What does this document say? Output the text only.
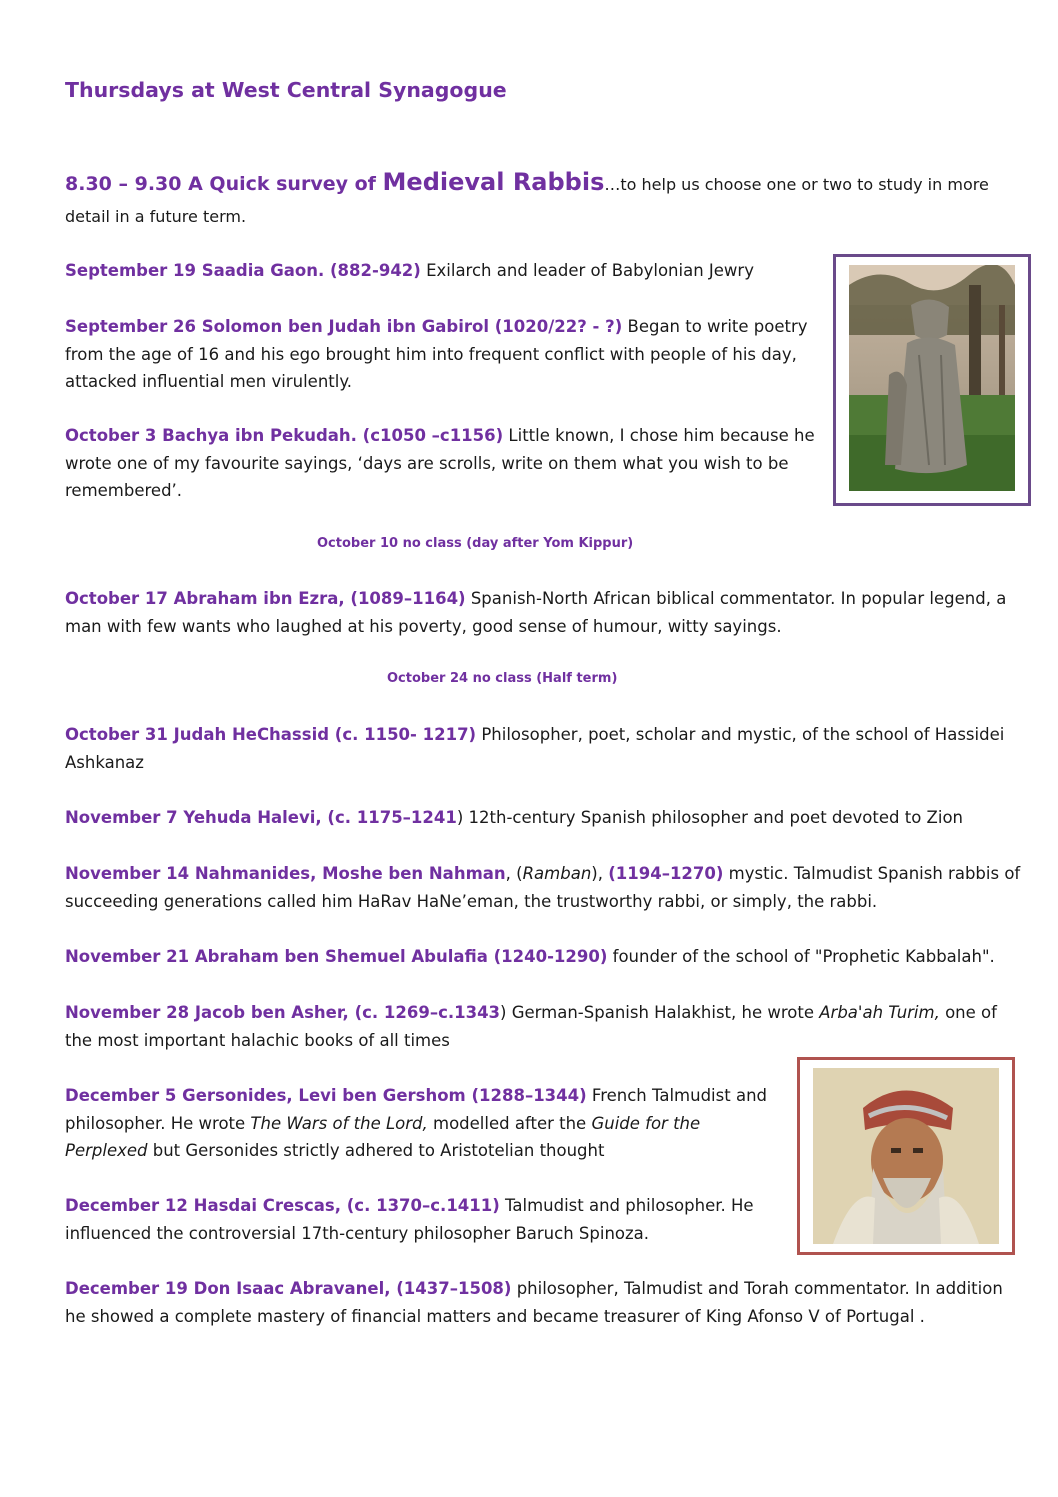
Thursdays at West Central Synagogue
8.30 – 9.30 A Quick survey of Medieval Rabbis…to help us choose one or two to study in more detail in a future term.
September 19 Saadia Gaon. (882-942) Exilarch and leader of Babylonian Jewry
September 26 Solomon ben Judah ibn Gabirol (1020/22? - ?) Began to write poetry from the age of 16 and his ego brought him into frequent conflict with people of his day, attacked influential men virulently.
October 3 Bachya ibn Pekudah. (c1050 –c1156) Little known, I chose him because he wrote one of my favourite sayings, ‘days are scrolls, write on them what you wish to be remembered’.
October 10 no class (day after Yom Kippur)
October 17 Abraham ibn Ezra, (1089–1164) Spanish-North African biblical commentator. In popular legend, a man with few wants who laughed at his poverty, good sense of humour, witty sayings.
October 24 no class (Half term)
October 31 Judah HeChassid (c. 1150- 1217) Philosopher, poet, scholar and mystic, of the school of Hassidei Ashkanaz
November 7 Yehuda Halevi, (c. 1175–1241) 12th-century Spanish philosopher and poet devoted to Zion
November 14 Nahmanides, Moshe ben Nahman, (Ramban), (1194–1270) mystic. Talmudist Spanish rabbis of succeeding generations called him HaRav HaNe’eman, the trustworthy rabbi, or simply, the rabbi.
November 21 Abraham ben Shemuel Abulafia (1240-1290) founder of the school of "Prophetic Kabbalah".
November 28 Jacob ben Asher, (c. 1269–c.1343) German-Spanish Halakhist, he wrote Arba'ah Turim, one of the most important halachic books of all times
December 5 Gersonides, Levi ben Gershom (1288–1344) French Talmudist and philosopher. He wrote The Wars of the Lord, modelled after the Guide for the Perplexed but Gersonides strictly adhered to Aristotelian thought
December 12 Hasdai Crescas, (c. 1370–c.1411) Talmudist and philosopher. He influenced the controversial 17th-century philosopher Baruch Spinoza.
December 19 Don Isaac Abravanel, (1437–1508) philosopher, Talmudist and Torah commentator. In addition he showed a complete mastery of financial matters and became treasurer of King Afonso V of Portugal .
